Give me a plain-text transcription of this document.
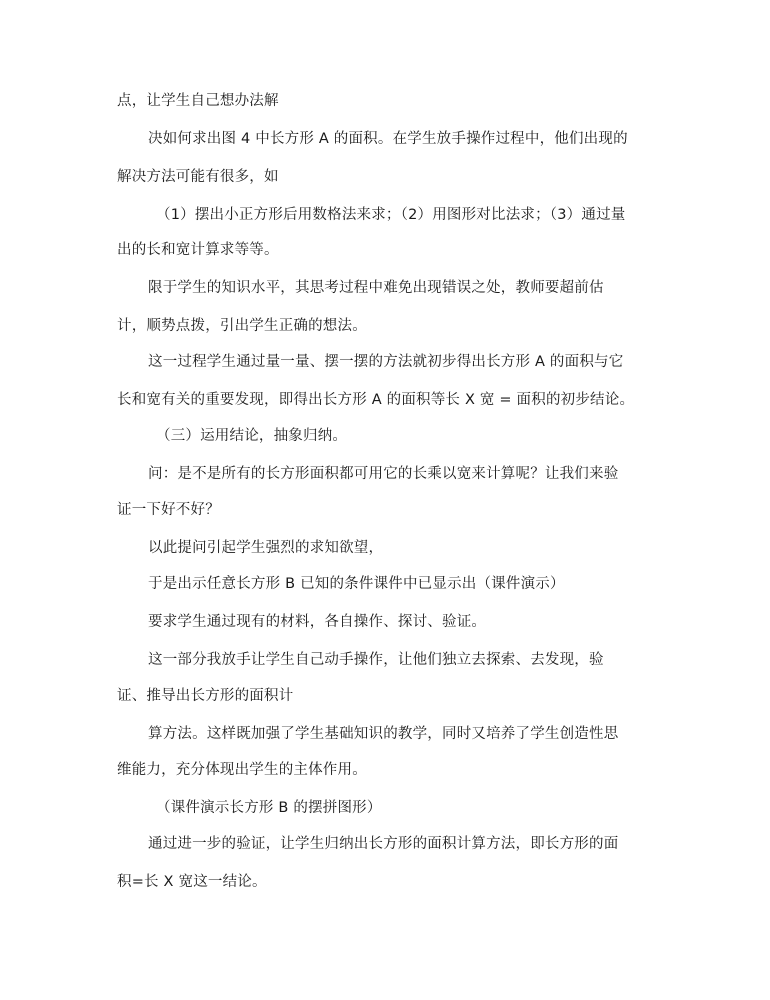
点，让学生自己想办法解
决如何求出图 4 中长方形 A 的面积。在学生放手操作过程中，他们出现的
解决方法可能有很多，如
（1）摆出小正方形后用数格法来求；（2）用图形对比法求；（3）通过量
出的长和宽计算求等等。
限于学生的知识水平，其思考过程中难免出现错误之处，教师要超前估
计，顺势点拨，引出学生正确的想法。
这一过程学生通过量一量、摆一摆的方法就初步得出长方形 A 的面积与它
长和宽有关的重要发现，即得出长方形 A 的面积等长 X 宽 = 面积的初步结论。
（三）运用结论，抽象归纳。
问：是不是所有的长方形面积都可用它的长乘以宽来计算呢？让我们来验
证一下好不好？
以此提问引起学生强烈的求知欲望，
于是出示任意长方形 B 已知的条件课件中已显示出（课件演示）
要求学生通过现有的材料，各自操作、探讨、验证。
这一部分我放手让学生自己动手操作，让他们独立去探索、去发现，验
证、推导出长方形的面积计
算方法。这样既加强了学生基础知识的教学，同时又培养了学生创造性思
维能力，充分体现出学生的主体作用。
（课件演示长方形 B 的摆拼图形）
通过进一步的验证，让学生归纳出长方形的面积计算方法，即长方形的面
积=长 X 宽这一结论。
